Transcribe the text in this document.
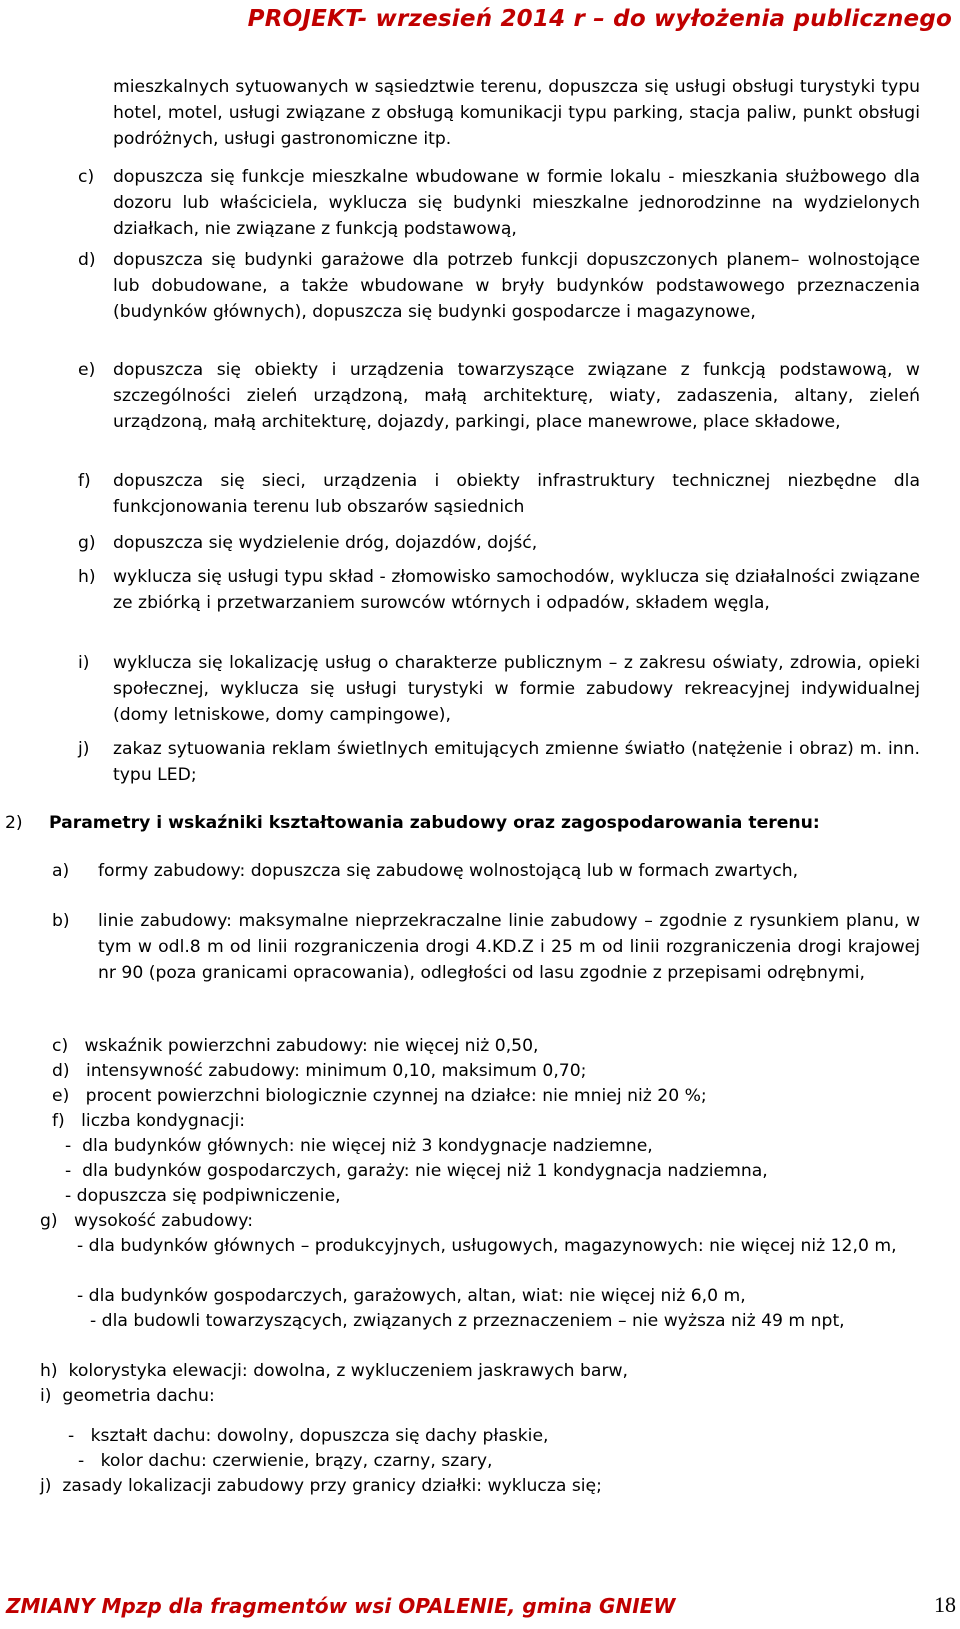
PROJEKT- wrzesień 2014 r – do wyłożenia publicznego

mieszkalnych sytuowanych w sąsiedztwie terenu, dopuszcza się usługi obsługi turystyki typu hotel, motel, usługi związane z obsługą komunikacji typu parking, stacja paliw, punkt obsługi podróżnych, usługi gastronomiczne itp.

c) dopuszcza się funkcje mieszkalne wbudowane w formie lokalu - mieszkania służbowego dla dozoru lub właściciela, wyklucza się budynki mieszkalne jednorodzinne na wydzielonych działkach, nie związane z funkcją podstawową,

d) dopuszcza się budynki garażowe dla potrzeb funkcji dopuszczonych planem– wolnostojące lub dobudowane, a także wbudowane w bryły budynków podstawowego przeznaczenia (budynków głównych), dopuszcza się budynki gospodarcze i magazynowe,

e) dopuszcza się obiekty i urządzenia towarzyszące związane z funkcją podstawową, w szczególności zieleń urządzoną, małą architekturę, wiaty, zadaszenia, altany, zieleń urządzoną, małą architekturę, dojazdy, parkingi, place manewrowe, place składowe,

f) dopuszcza się sieci, urządzenia i obiekty infrastruktury technicznej niezbędne dla funkcjonowania terenu lub obszarów sąsiednich

g) dopuszcza się wydzielenie dróg, dojazdów, dojść,

h) wyklucza się usługi typu skład - złomowisko samochodów, wyklucza się działalności związane ze zbiórką i przetwarzaniem surowców wtórnych i odpadów, składem węgla,

i) wyklucza się lokalizację usług o charakterze publicznym – z zakresu oświaty, zdrowia, opieki społecznej, wyklucza się usługi turystyki w formie zabudowy rekreacyjnej indywidualnej (domy letniskowe, domy campingowe),

j) zakaz sytuowania reklam świetlnych emitujących zmienne światło (natężenie i obraz) m. inn. typu LED;

2)	Parametry i wskaźniki kształtowania zabudowy oraz zagospodarowania terenu:

a) formy zabudowy: dopuszcza się zabudowę wolnostojącą lub w formach zwartych,

b) linie zabudowy: maksymalne nieprzekraczalne linie zabudowy – zgodnie z rysunkiem planu, w tym w odl.8 m od linii rozgraniczenia drogi 4.KD.Z i 25 m od linii rozgraniczenia drogi krajowej nr 90 (poza granicami opracowania), odległości od lasu zgodnie z przepisami odrębnymi,

c)   wskaźnik powierzchni zabudowy: nie więcej niż 0,50,
d)   intensywność zabudowy: minimum 0,10, maksimum 0,70;
e)   procent powierzchni biologicznie czynnej na działce: nie mniej niż 20 %;
f)   liczba kondygnacji:
-  dla budynków głównych: nie więcej niż 3 kondygnacje nadziemne,
-  dla budynków gospodarczych, garaży: nie więcej niż 1 kondygnacja nadziemna,
- dopuszcza się podpiwniczenie,
g)   wysokość zabudowy:

- dla budynków głównych – produkcyjnych, usługowych, magazynowych: nie więcej niż 12,0 m,

- dla budynków gospodarczych, garażowych, altan, wiat: nie więcej niż 6,0 m,

- dla budowli towarzyszących, związanych z przeznaczeniem – nie wyższa niż 49 m npt,

h)  kolorystyka elewacji: dowolna, z wykluczeniem jaskrawych barw,
i)  geometria dachu:
-   kształt dachu: dowolny, dopuszcza się dachy płaskie,
-   kolor dachu: czerwienie, brązy, czarny, szary,
j)  zasady lokalizacji zabudowy przy granicy działki: wyklucza się;
ZMIANY Mpzp dla fragmentów wsi OPALENIE, gmina GNIEW	18
